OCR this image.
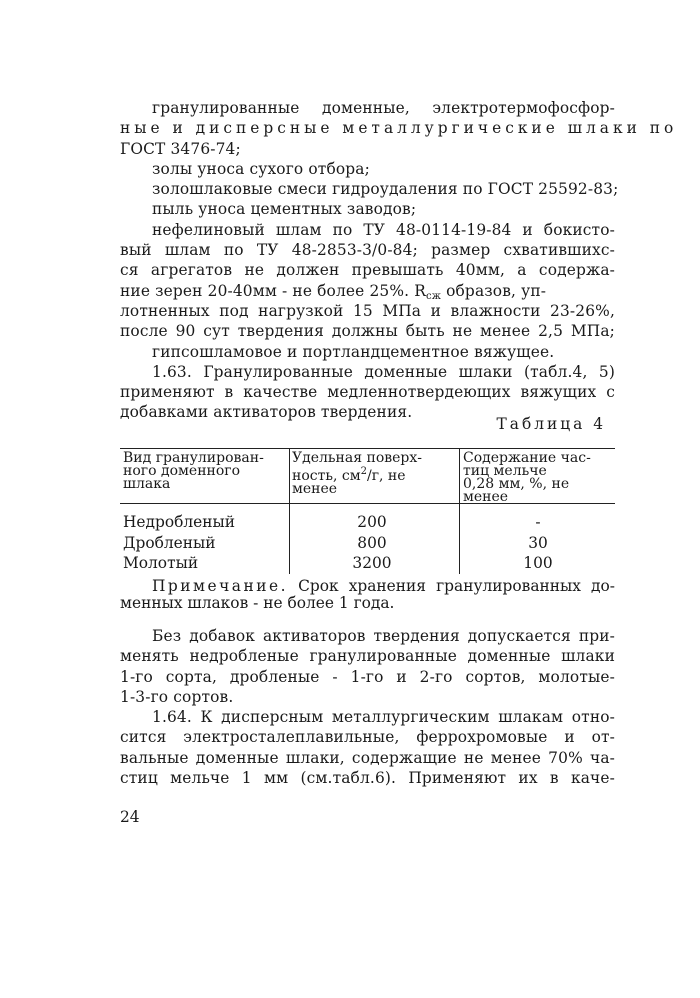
гранулированные доменные, электротермофосфор-
ные и дисперсные металлургические шлаки по
ГОСТ 3476-74;
золы уноса сухого отбора;
золошлаковые смеси гидроудаления по ГОСТ 25592-83;
пыль уноса цементных заводов;
нефелиновый шлам по ТУ 48-0114-19-84 и бокисто-
вый шлам по ТУ 48-2853-3/0-84; размер схватившихс-
ся агрегатов не должен превышать 40мм, а содержа-
ние зерен 20-40мм - не более 25%. $R_{сж}$ образов, уп-
лотненных под нагрузкой 15 МПа и влажности 23-26%,
после 90 сут твердения должны быть не менее 2,5 МПа;
гипсошламовое и портландцементное вяжущее.
1.63. Гранулированные доменные шлаки (табл.4, 5)
применяют в качестве медленнотвердеющих вяжущих с
добавками активаторов твердения.
Таблица 4
Вид гранулирован-
ного доменного
шлака
Удельная поверх-
ность, $см^2/г$, не
менее
Содержание час-
тиц мельче
0,28 мм, %, не
менее
Недробленый	200	-
Дробленый	800	30
Молотый	3200	100
Примечание. Срок хранения гранулированных до-
менных шлаков - не более 1 года.
Без добавок активаторов твердения допускается при-
менять недробленые гранулированные доменные шлаки
1-го сорта, дробленые - 1-го и 2-го сортов, молотые-
1-3-го сортов.
1.64. К дисперсным металлургическим шлакам отно-
сится электросталеплавильные, феррохромовые и от-
вальные доменные шлаки, содержащие не менее 70% ча-
стиц мельче 1 мм (см.табл.6). Применяют их в каче-
24
